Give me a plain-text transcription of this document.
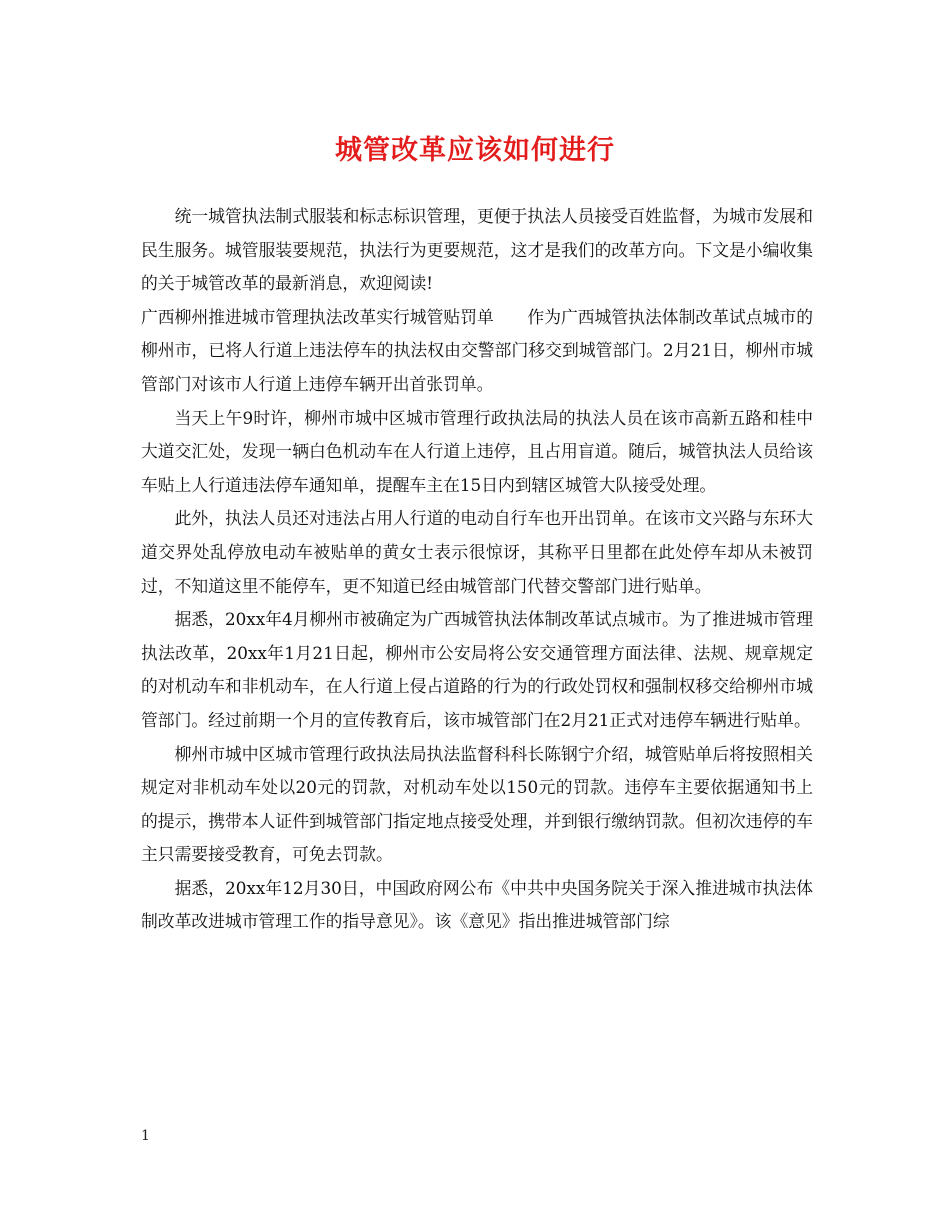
城管改革应该如何进行

统一城管执法制式服装和标志标识管理，更便于执法人员接受百姓监督，为城市发展和民生服务。城管服装要规范，执法行为更要规范，这才是我们的改革方向。下文是小编收集的关于城管改革的最新消息，欢迎阅读!

广西柳州推进城市管理执法改革实行城管贴罚单　　作为广西城管执法体制改革试点城市的柳州市，已将人行道上违法停车的执法权由交警部门移交到城管部门。2月21日，柳州市城管部门对该市人行道上违停车辆开出首张罚单。

当天上午9时许，柳州市城中区城市管理行政执法局的执法人员在该市高新五路和桂中大道交汇处，发现一辆白色机动车在人行道上违停，且占用盲道。随后，城管执法人员给该车贴上人行道违法停车通知单，提醒车主在15日内到辖区城管大队接受处理。

此外，执法人员还对违法占用人行道的电动自行车也开出罚单。在该市文兴路与东环大道交界处乱停放电动车被贴单的黄女士表示很惊讶，其称平日里都在此处停车却从未被罚过，不知道这里不能停车，更不知道已经由城管部门代替交警部门进行贴单。

据悉，20xx年4月柳州市被确定为广西城管执法体制改革试点城市。为了推进城市管理执法改革，20xx年1月21日起，柳州市公安局将公安交通管理方面法律、法规、规章规定的对机动车和非机动车，在人行道上侵占道路的行为的行政处罚权和强制权移交给柳州市城管部门。经过前期一个月的宣传教育后，该市城管部门在2月21正式对违停车辆进行贴单。

柳州市城中区城市管理行政执法局执法监督科科长陈钢宁介绍，城管贴单后将按照相关规定对非机动车处以20元的罚款，对机动车处以150元的罚款。违停车主要依据通知书上的提示，携带本人证件到城管部门指定地点接受处理，并到银行缴纳罚款。但初次违停的车主只需要接受教育，可免去罚款。

据悉，20xx年12月30日，中国政府网公布《中共中央国务院关于深入推进城市执法体制改革改进城市管理工作的指导意见》。该《意见》指出推进城管部门综

1
